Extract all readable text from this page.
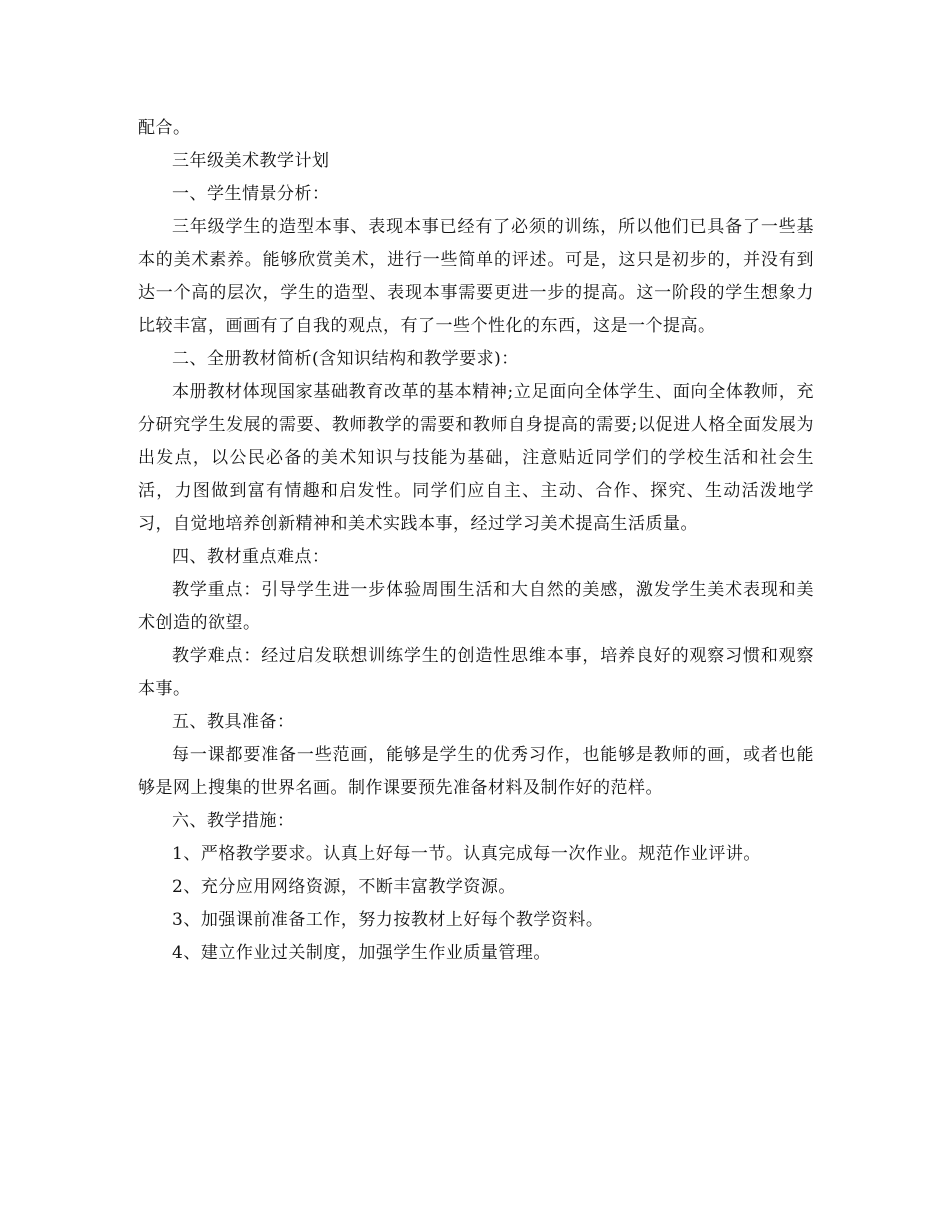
配合。

三年级美术教学计划

一、学生情景分析：

三年级学生的造型本事、表现本事已经有了必须的训练，所以他们已具备了一些基本的美术素养。能够欣赏美术，进行一些简单的评述。可是，这只是初步的，并没有到达一个高的层次，学生的造型、表现本事需要更进一步的提高。这一阶段的学生想象力比较丰富，画画有了自我的观点，有了一些个性化的东西，这是一个提高。

二、全册教材简析(含知识结构和教学要求)：

本册教材体现国家基础教育改革的基本精神;立足面向全体学生、面向全体教师，充分研究学生发展的需要、教师教学的需要和教师自身提高的需要;以促进人格全面发展为出发点，以公民必备的美术知识与技能为基础，注意贴近同学们的学校生活和社会生活，力图做到富有情趣和启发性。同学们应自主、主动、合作、探究、生动活泼地学习，自觉地培养创新精神和美术实践本事，经过学习美术提高生活质量。

四、教材重点难点：

教学重点：引导学生进一步体验周围生活和大自然的美感，激发学生美术表现和美术创造的欲望。

教学难点：经过启发联想训练学生的创造性思维本事，培养良好的观察习惯和观察本事。

五、教具准备：

每一课都要准备一些范画，能够是学生的优秀习作，也能够是教师的画，或者也能够是网上搜集的世界名画。制作课要预先准备材料及制作好的范样。

六、教学措施：

1、严格教学要求。认真上好每一节。认真完成每一次作业。规范作业评讲。

2、充分应用网络资源，不断丰富教学资源。

3、加强课前准备工作，努力按教材上好每个教学资料。

4、建立作业过关制度，加强学生作业质量管理。
